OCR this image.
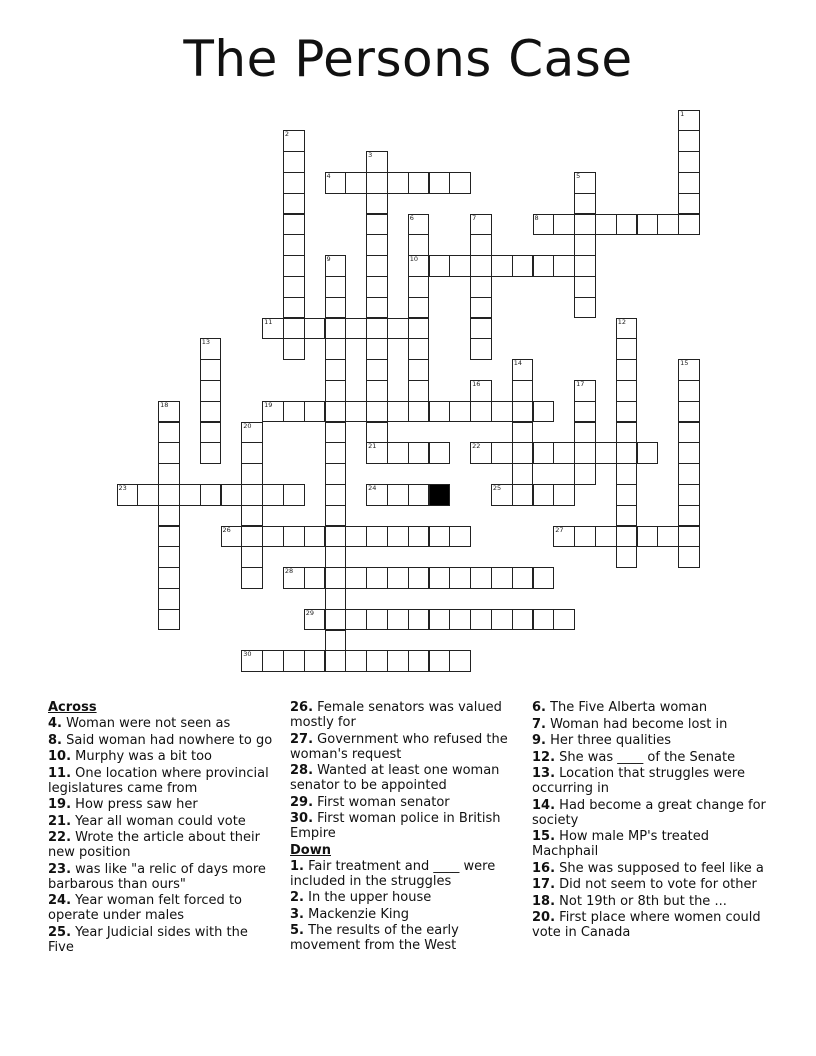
The Persons Case
1
2
3
21
4	5
6
10
7	8
9
11	12
13
14	15
16	17
18	19
20
22
23	24	25
26	27
28
29
30
Across
4. Woman were not seen as
8. Said woman had nowhere to go
10. Murphy was a bit too
11. One location where provincial legislatures came from
19. How press saw her
21. Year all woman could vote
22. Wrote the article about their new position
23. was like "a relic of days more barbarous than ours"
24. Year woman felt forced to operate under males
25. Year Judicial sides with the Five
26. Female senators was valued mostly for
27. Government who refused the woman's request
28. Wanted at least one woman senator to be appointed
29. First woman senator
30. First woman police in British Empire
Down
1. Fair treatment and ____ were included in the struggles
2. In the upper house
3. Mackenzie King
5. The results of the early movement from the West
6. The Five Alberta woman
7. Woman had become lost in
9. Her three qualities
12. She was ____ of the Senate
13. Location that struggles were occurring in
14. Had become a great change for society
15. How male MP's treated Machphail
16. She was supposed to feel like a
17. Did not seem to vote for other
18. Not 19th or 8th but the ...
20. First place where women could vote in Canada
